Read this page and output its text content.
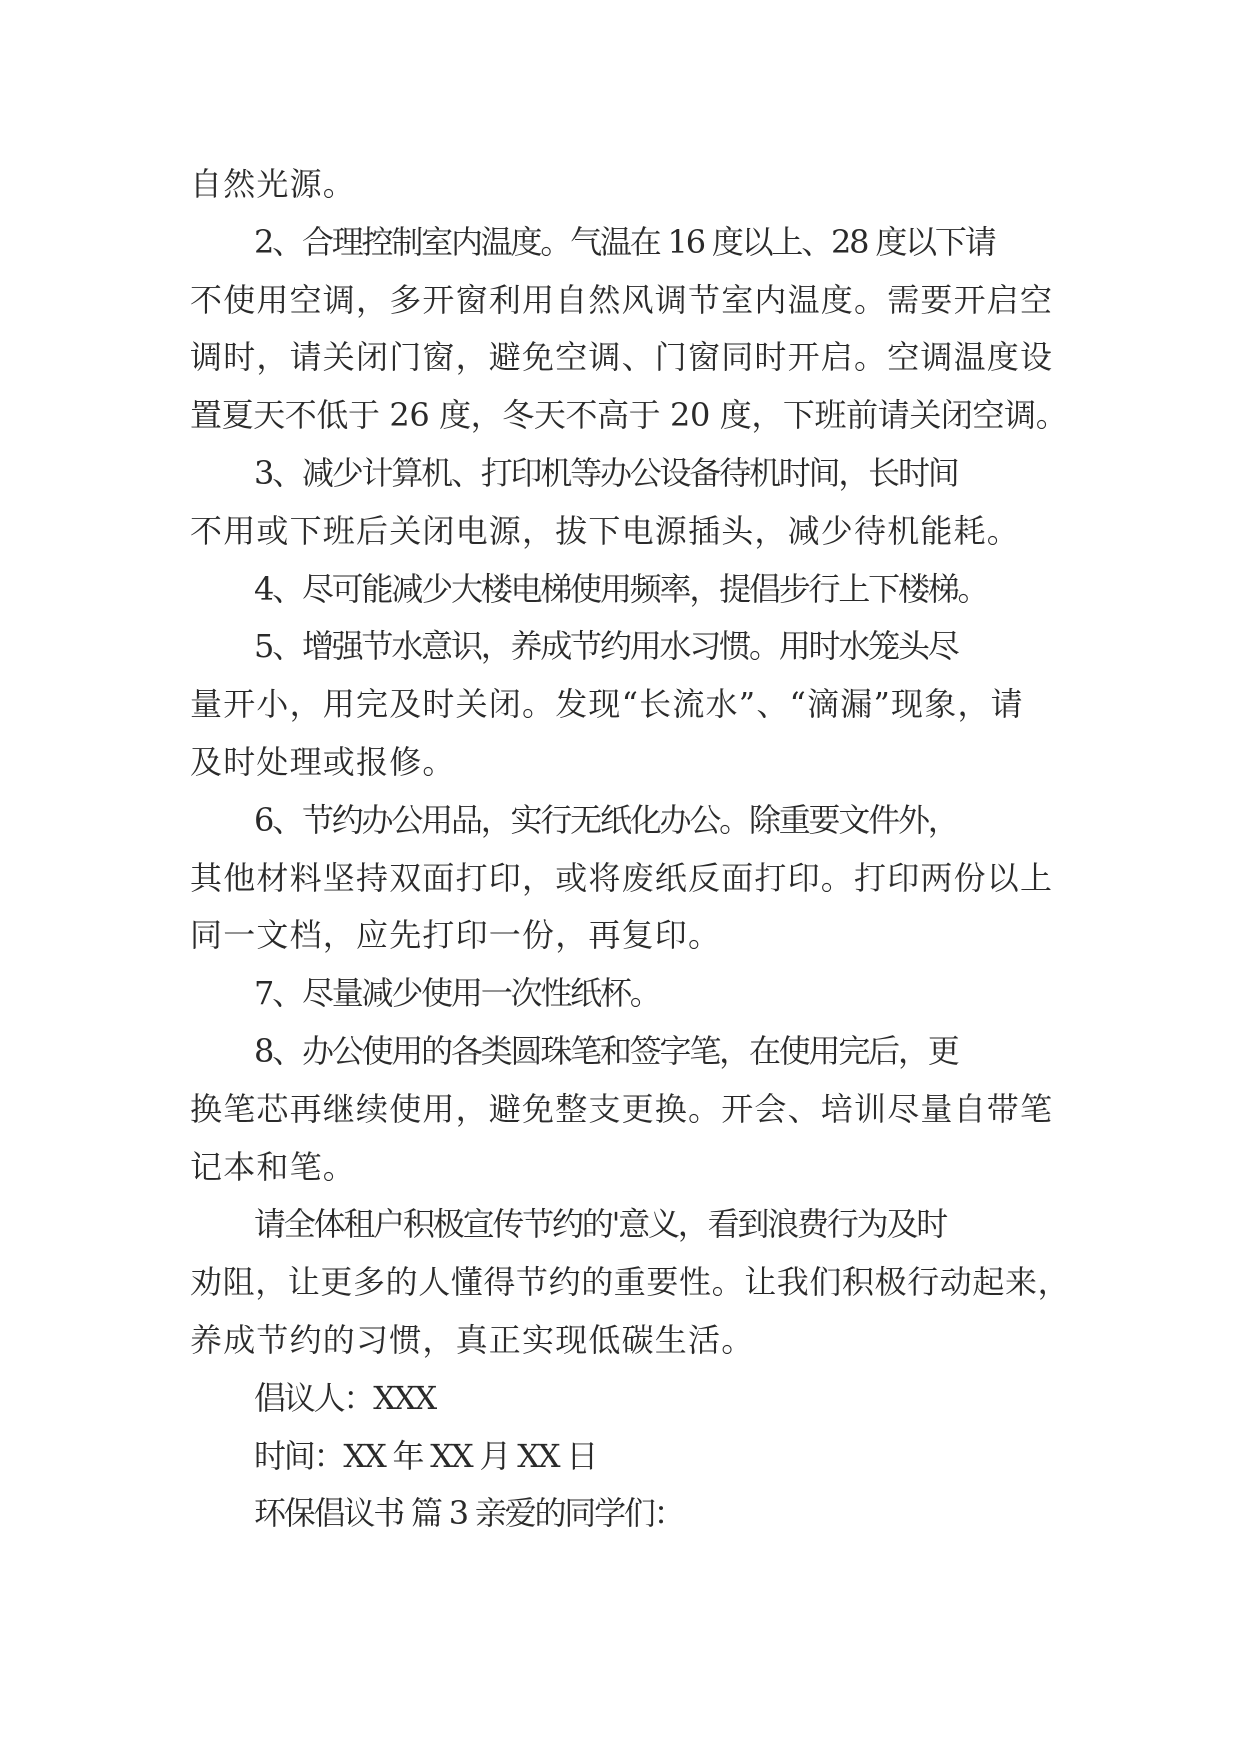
自然光源。
2、合理控制室内温度。气温在 16 度以上、28 度以下请
不使用空调，多开窗利用自然风调节室内温度。需要开启空
调时，请关闭门窗，避免空调、门窗同时开启。空调温度设
置夏天不低于 26 度，冬天不高于 20 度，下班前请关闭空调。
3、减少计算机、打印机等办公设备待机时间，长时间
不用或下班后关闭电源，拔下电源插头，减少待机能耗。
4、尽可能减少大楼电梯使用频率，提倡步行上下楼梯。
5、增强节水意识，养成节约用水习惯。用时水笼头尽
量开小，用完及时关闭。发现“长流水”、“滴漏”现象，请
及时处理或报修。
6、节约办公用品，实行无纸化办公。除重要文件外，
其他材料坚持双面打印，或将废纸反面打印。打印两份以上
同一文档，应先打印一份，再复印。
7、尽量减少使用一次性纸杯。
8、办公使用的各类圆珠笔和签字笔，在使用完后，更
换笔芯再继续使用，避免整支更换。开会、培训尽量自带笔
记本和笔。
请全体租户积极宣传节约的'意义，看到浪费行为及时
劝阻，让更多的人懂得节约的重要性。让我们积极行动起来，
养成节约的习惯，真正实现低碳生活。
倡议人：XXX
时间：XX 年 XX 月 XX 日
环保倡议书 篇 3 亲爱的同学们：
